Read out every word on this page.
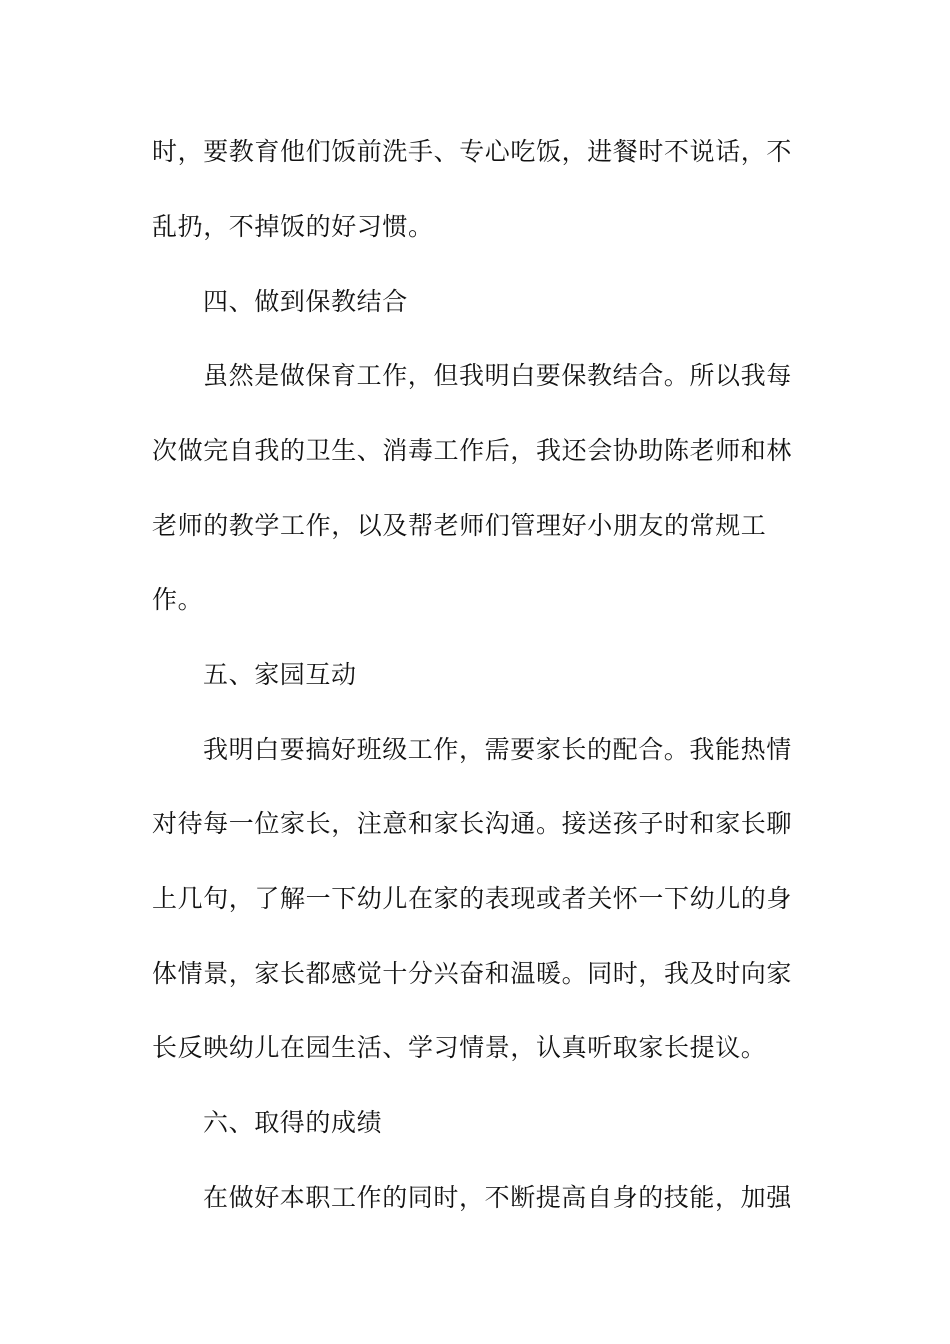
时，要教育他们饭前洗手、专心吃饭，进餐时不说话，不
乱扔，不掉饭的好习惯。
四、做到保教结合
虽然是做保育工作，但我明白要保教结合。所以我每
次做完自我的卫生、消毒工作后，我还会协助陈老师和林
老师的教学工作，以及帮老师们管理好小朋友的常规工
作。
五、家园互动
我明白要搞好班级工作，需要家长的配合。我能热情
对待每一位家长，注意和家长沟通。接送孩子时和家长聊
上几句，了解一下幼儿在家的表现或者关怀一下幼儿的身
体情景，家长都感觉十分兴奋和温暖。同时，我及时向家
长反映幼儿在园生活、学习情景，认真听取家长提议。
六、取得的成绩
在做好本职工作的同时，不断提高自身的技能，加强
